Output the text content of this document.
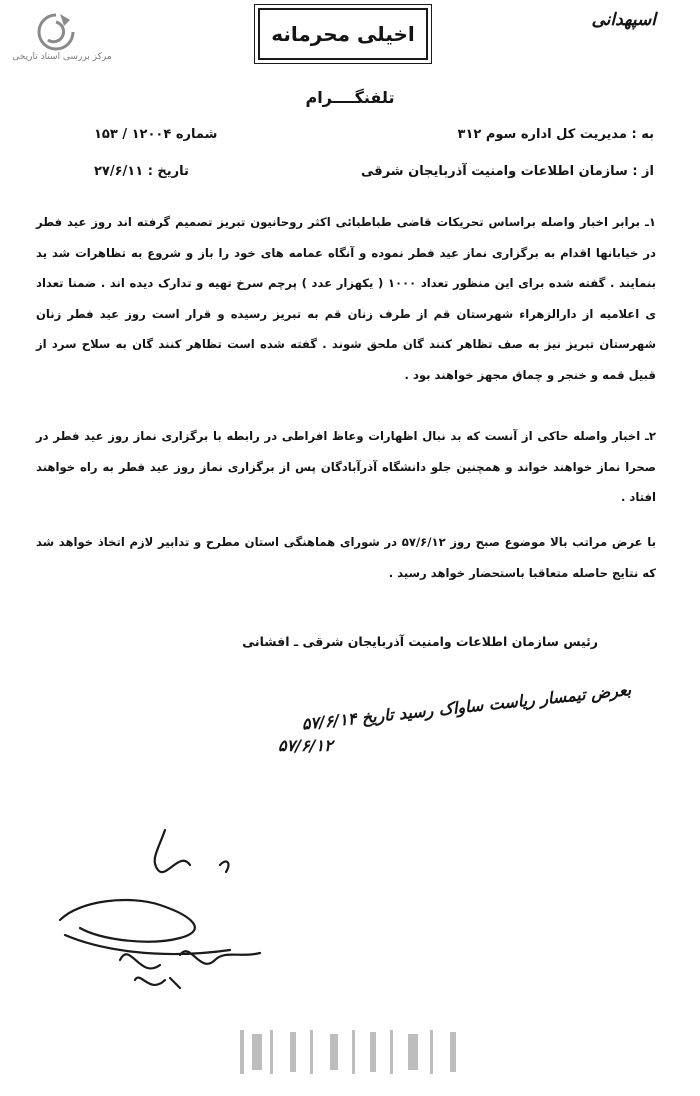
مرکز بررسی اسناد تاریخی
اخیلی محرمانه
اسپهدانی
تلفنگــــرام
به : مدیریت کل اداره سوم ۳۱۲
از : سازمان اطلاعات وامنیت آذربایجان شرقی
شماره ۱۲۰۰۴ / ۱۵۳
تاریخ : ۲۷/۶/۱۱
۱ـ برابر اخبار واصله براساس تحریکات قاضی طباطبائی اکثر روحانیون تبریز تصمیم گرفته اند روز عید فطر در خیابانها اقدام به برگزاری نماز عید فطر نموده و آنگاه عمامه های خود را باز و شروع به تظاهرات شد ید بنمایند . گفته شده برای این منظور تعداد ۱۰۰۰ ( یکهزار عدد ) پرچم سرخ تهیه و تدارک دیده اند . ضمنا تعداد ی اعلامیه از دارالزهراء شهرستان قم از طرف زنان قم به تبریز رسیده و قرار است روز عید فطر زنان شهرستان تبریز نیز به صف تظاهر کنند گان ملحق شوند . گفته شده است تظاهر کنند گان به سلاح سرد از قبیل قمه و خنجر و چماق مجهز خواهند بود .
۲ـ اخبار واصله حاکی از آنست که بد نبال اظهارات وعاظ افراطی در رابطه با برگزاری نماز روز عید فطر در صحرا نماز خواهند خواند و همچنین جلو دانشگاه آذرآبادگان پس از برگزاری نماز روز عید فطر به راه خواهند افتاد .
با عرض مراتب بالا موضوع صبح روز ۵۷/۶/۱۲ در شورای هماهنگی استان مطرح و تدابیر لازم اتخاذ خواهد شد که نتایج حاصله متعاقبا باستحضار خواهد رسید .
رئیس سازمان اطلاعات وامنیت آذربایجان شرقی ـ افشانی
بعرض تیمسار ریاست ساواک رسید تاریخ ۵۷/۶/۱۴
۵۷/۶/۱۲
